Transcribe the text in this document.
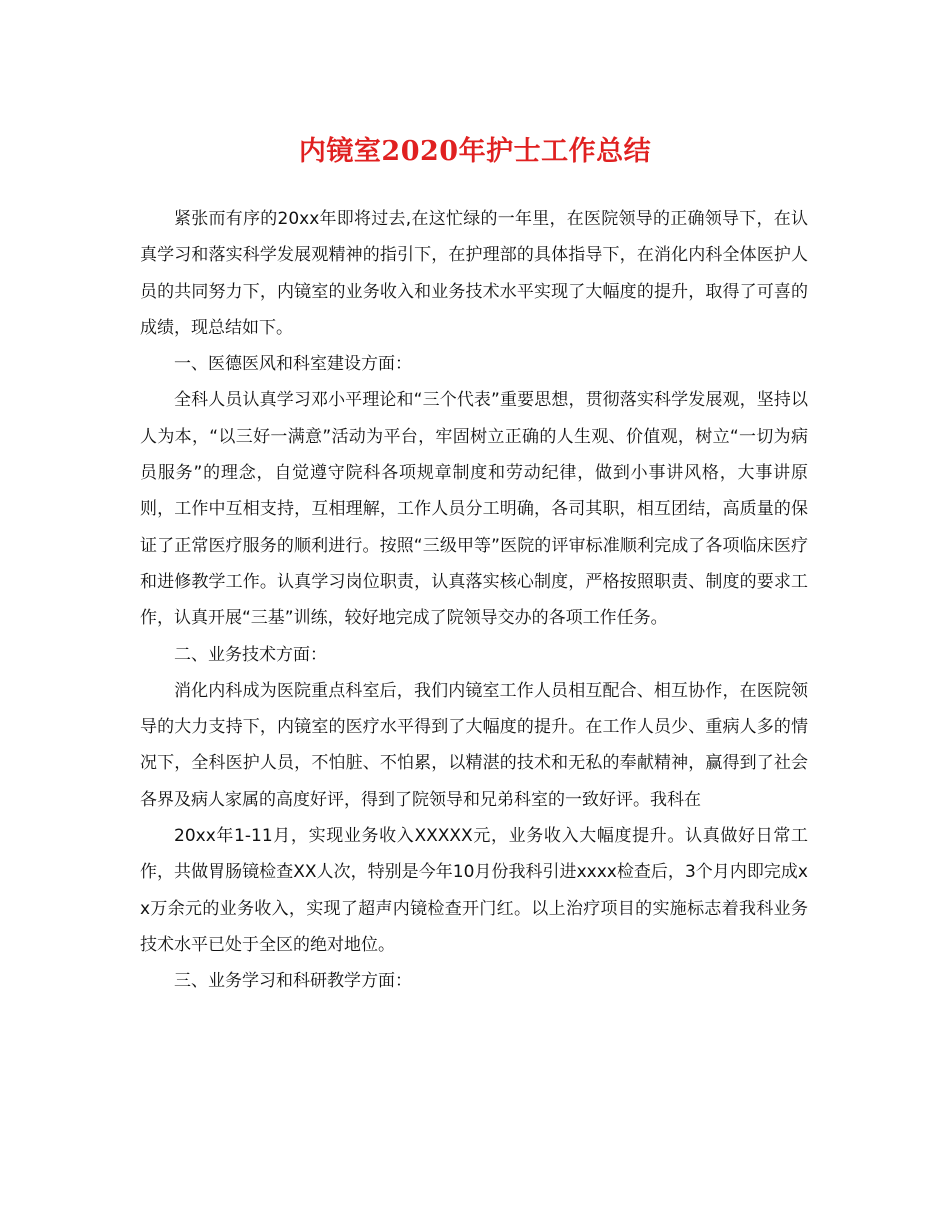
内镜室2020年护士工作总结

紧张而有序的20xx年即将过去,在这忙绿的一年里，在医院领导的正确领导下，在认真学习和落实科学发展观精神的指引下，在护理部的具体指导下，在消化内科全体医护人员的共同努力下，内镜室的业务收入和业务技术水平实现了大幅度的提升，取得了可喜的成绩，现总结如下。

一、医德医风和科室建设方面：

全科人员认真学习邓小平理论和“三个代表”重要思想，贯彻落实科学发展观，坚持以人为本，“以三好一满意”活动为平台，牢固树立正确的人生观、价值观，树立“一切为病员服务”的理念，自觉遵守院科各项规章制度和劳动纪律，做到小事讲风格，大事讲原则，工作中互相支持，互相理解，工作人员分工明确，各司其职，相互团结，高质量的保证了正常医疗服务的顺利进行。按照“三级甲等”医院的评审标准顺利完成了各项临床医疗和进修教学工作。认真学习岗位职责，认真落实核心制度，严格按照职责、制度的要求工作，认真开展“三基”训练，较好地完成了院领导交办的各项工作任务。

二、业务技术方面：

消化内科成为医院重点科室后，我们内镜室工作人员相互配合、相互协作，在医院领导的大力支持下，内镜室的医疗水平得到了大幅度的提升。在工作人员少、重病人多的情况下，全科医护人员，不怕脏、不怕累，以精湛的技术和无私的奉献精神，赢得到了社会各界及病人家属的高度好评，得到了院领导和兄弟科室的一致好评。我科在

20xx年1-11月，实现业务收入XXXXX元，业务收入大幅度提升。认真做好日常工作，共做胃肠镜检查XX人次，特别是今年10月份我科引进xxxx检查后，3个月内即完成xx万余元的业务收入，实现了超声内镜检查开门红。以上治疗项目的实施标志着我科业务技术水平已处于全区的绝对地位。

三、业务学习和科研教学方面：
